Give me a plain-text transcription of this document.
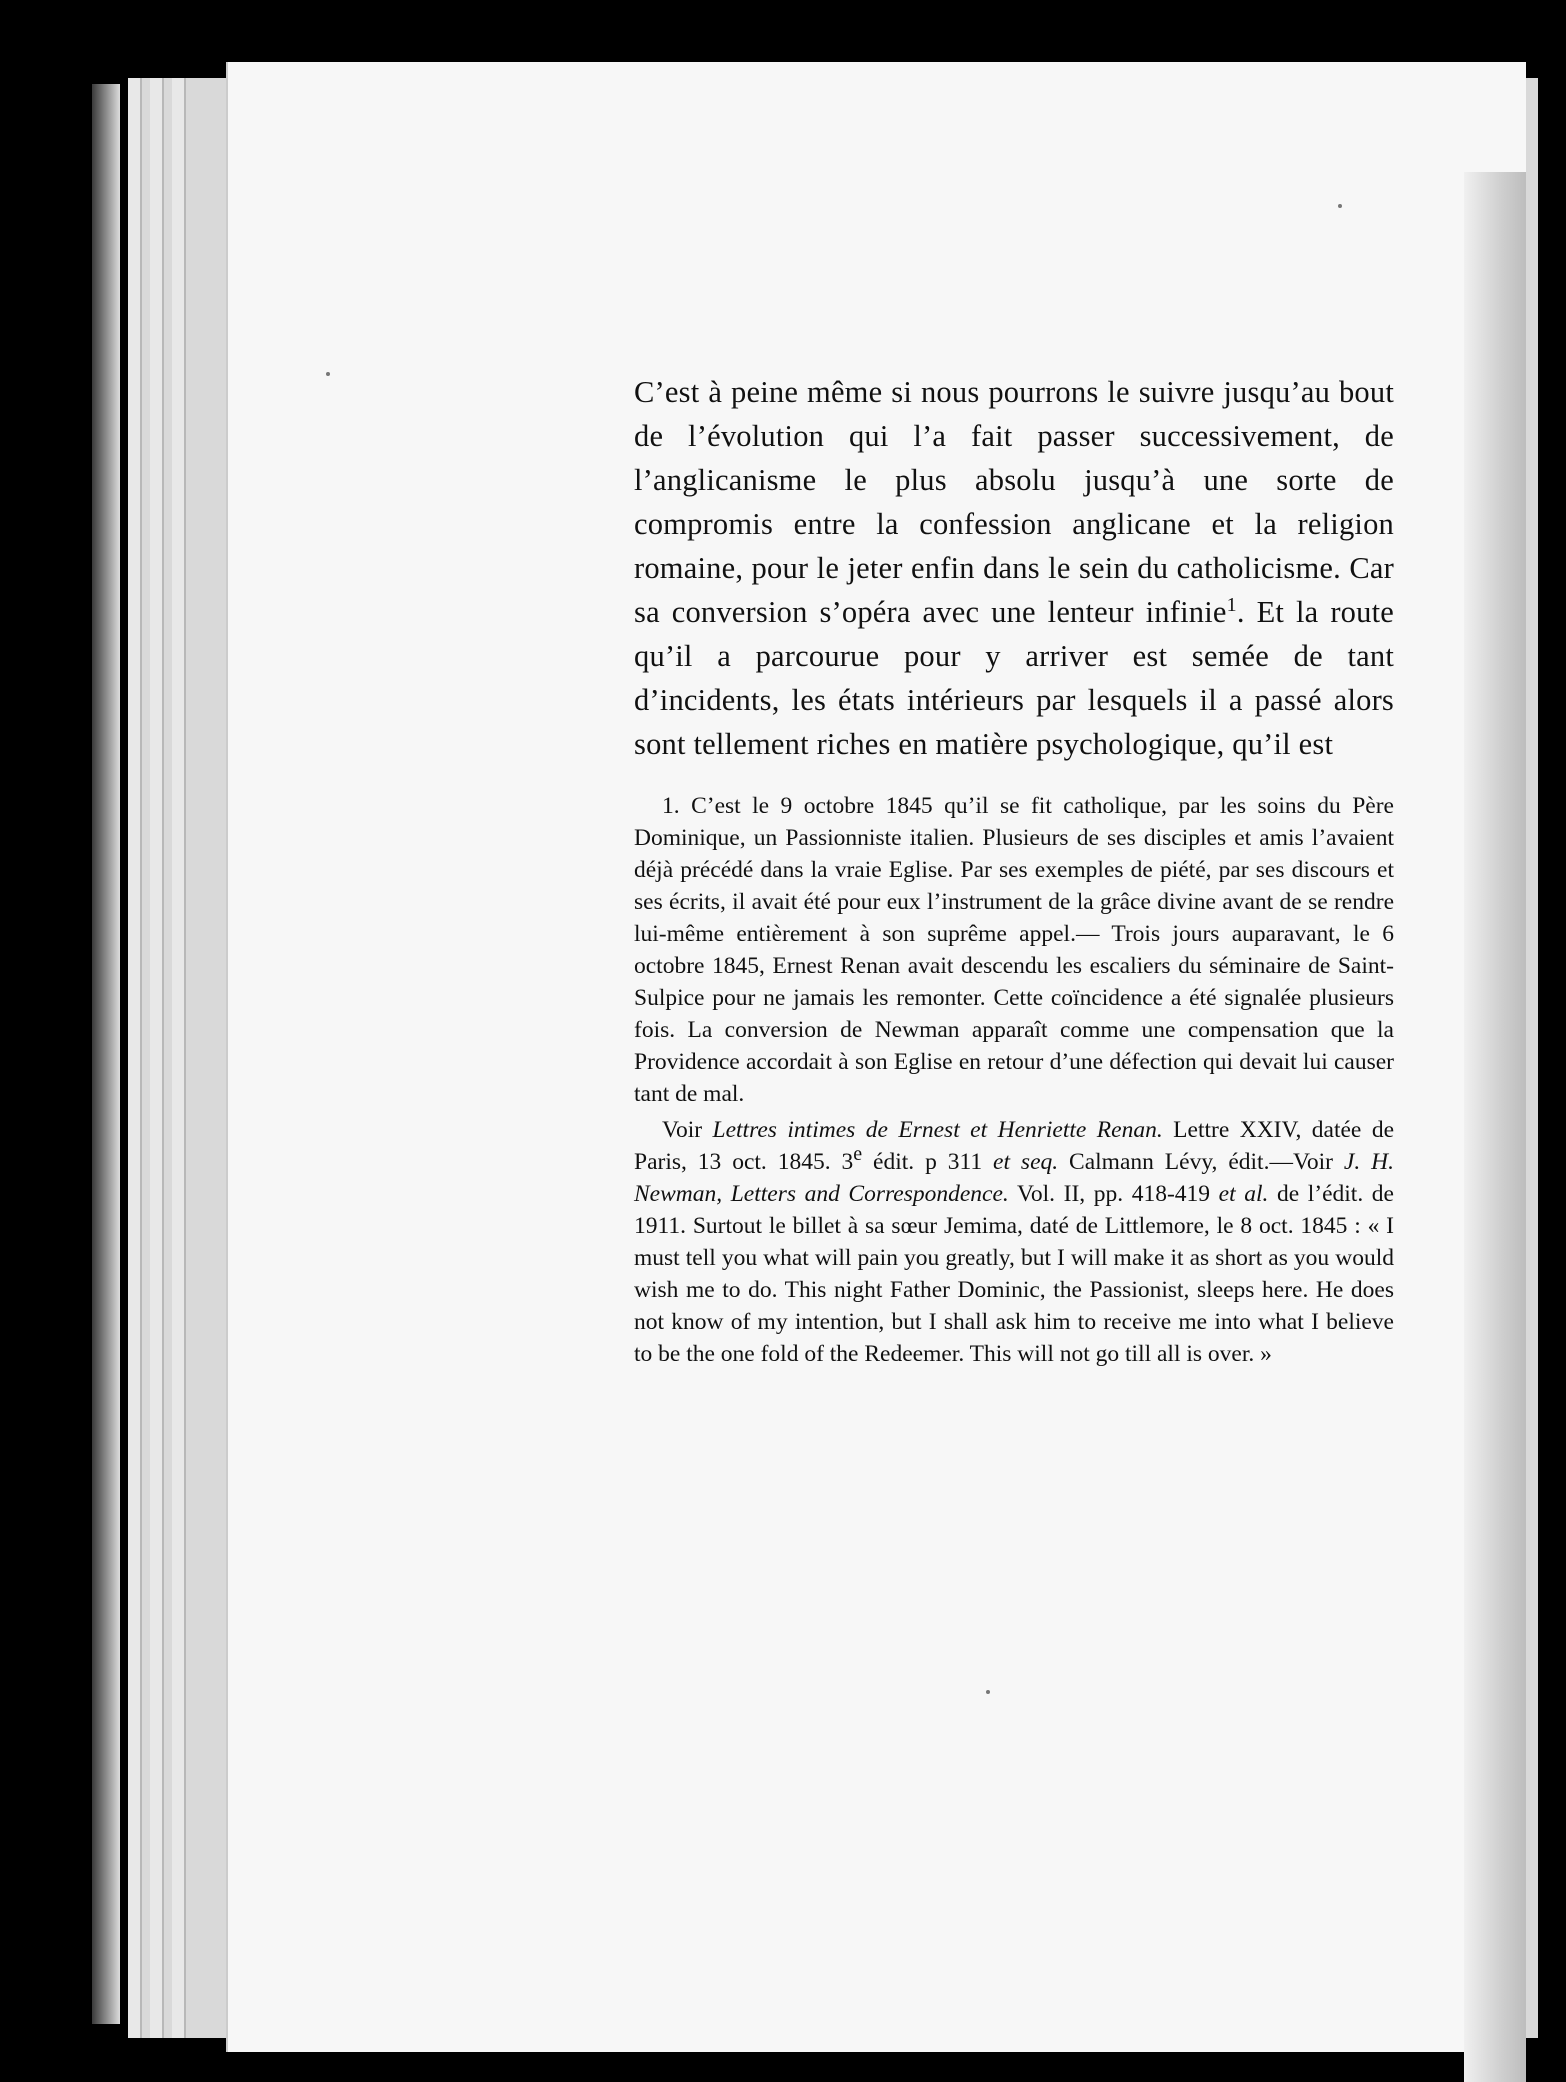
C’est à peine même si nous pourrons le suivre jusqu’au bout de l’évolution qui l’a fait passer successivement, de l’anglicanisme le plus absolu jusqu’à une sorte de compromis entre la confession anglicane et la religion romaine, pour le jeter enfin dans le sein du catholicisme. Car sa conversion s’opéra avec une lenteur infinie$^1$. Et la route qu’il a parcourue pour y arriver est semée de tant d’incidents, les états intérieurs par lesquels il a passé alors sont tellement riches en matière psychologique, qu’il est

1. C’est le 9 octobre 1845 qu’il se fit catholique, par les soins du Père Dominique, un Passionniste italien. Plusieurs de ses disciples et amis l’avaient déjà précédé dans la vraie Eglise. Par ses exemples de piété, par ses discours et ses écrits, il avait été pour eux l’instrument de la grâce divine avant de se rendre lui-même entièrement à son suprême appel.— Trois jours auparavant, le 6 octobre 1845, Ernest Renan avait descendu les escaliers du séminaire de Saint-Sulpice pour ne jamais les remonter. Cette coïncidence a été signalée plusieurs fois. La conversion de Newman apparaît comme une compensation que la Providence accordait à son Eglise en retour d’une défection qui devait lui causer tant de mal.

Voir Lettres intimes de Ernest et Henriette Renan. Lettre XXIV, datée de Paris, 13 oct. 1845. 3e édit. p 311 et seq. Calmann Lévy, édit.—Voir J. H. Newman, Letters and Correspondence. Vol. II, pp. 418-419 et al. de l’édit. de 1911. Surtout le billet à sa sœur Jemima, daté de Littlemore, le 8 oct. 1845 : « I must tell you what will pain you greatly, but I will make it as short as you would wish me to do. This night Father Dominic, the Passionist, sleeps here. He does not know of my intention, but I shall ask him to receive me into what I believe to be the one fold of the Redeemer. This will not go till all is over. »
